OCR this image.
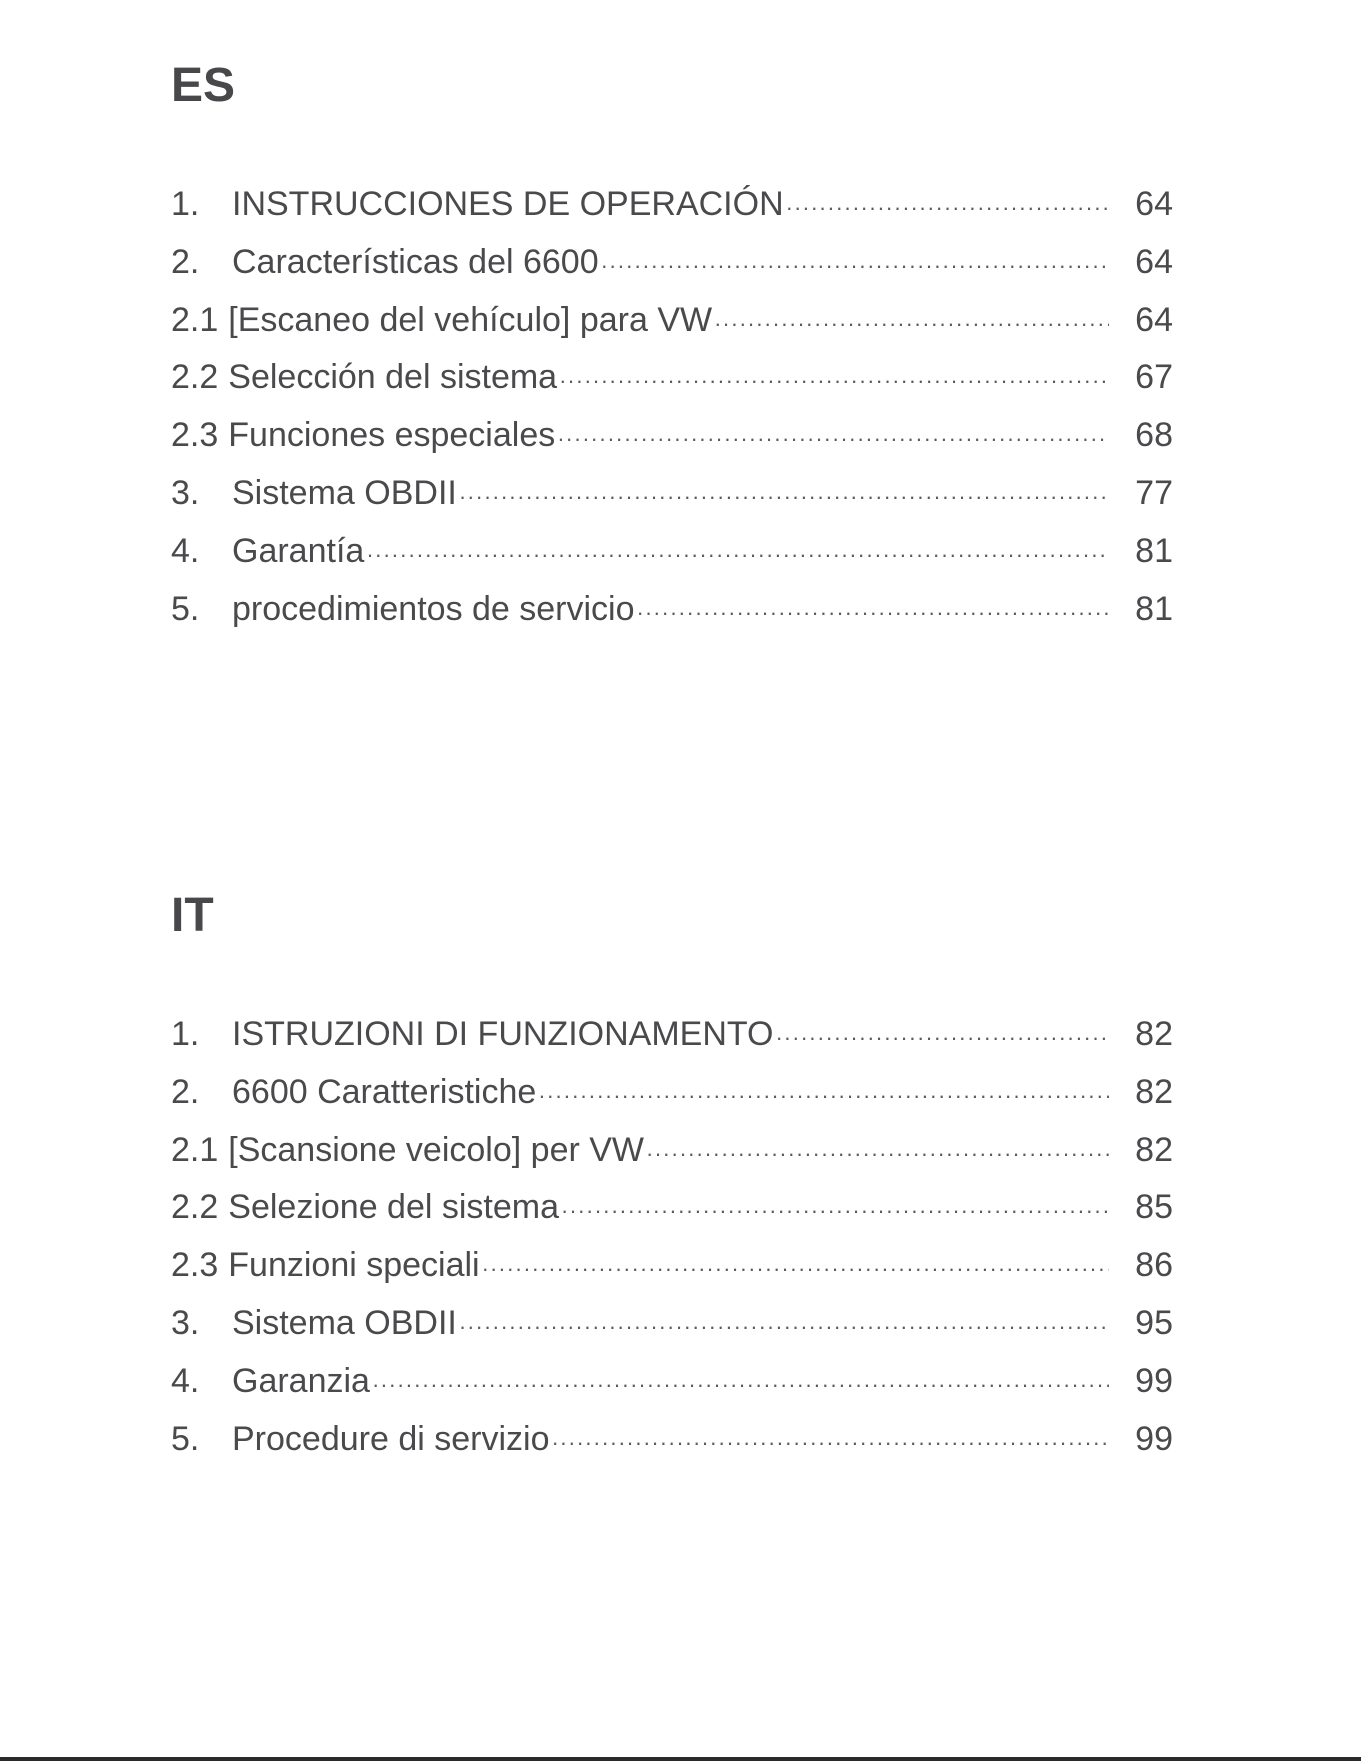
ES
1. INSTRUCCIONES DE OPERACIÓN ·····	64
2. Características del 6600 ·····	64
2.1 [Escaneo del vehículo] para VW ·····	64
2.2 Selección del sistema ·····	67
2.3 Funciones especiales ·····	68
3. Sistema OBDII ·····	77
4. Garantía ·····	81
5. procedimientos de servicio ·····	81
IT
1. ISTRUZIONI DI FUNZIONAMENTO ·····	82
2. 6600 Caratteristiche ·····	82
2.1 [Scansione veicolo] per VW ·····	82
2.2 Selezione del sistema ·····	85
2.3 Funzioni speciali ·····	86
3. Sistema OBDII ·····	95
4. Garanzia ·····	99
5. Procedure di servizio ·····	99
